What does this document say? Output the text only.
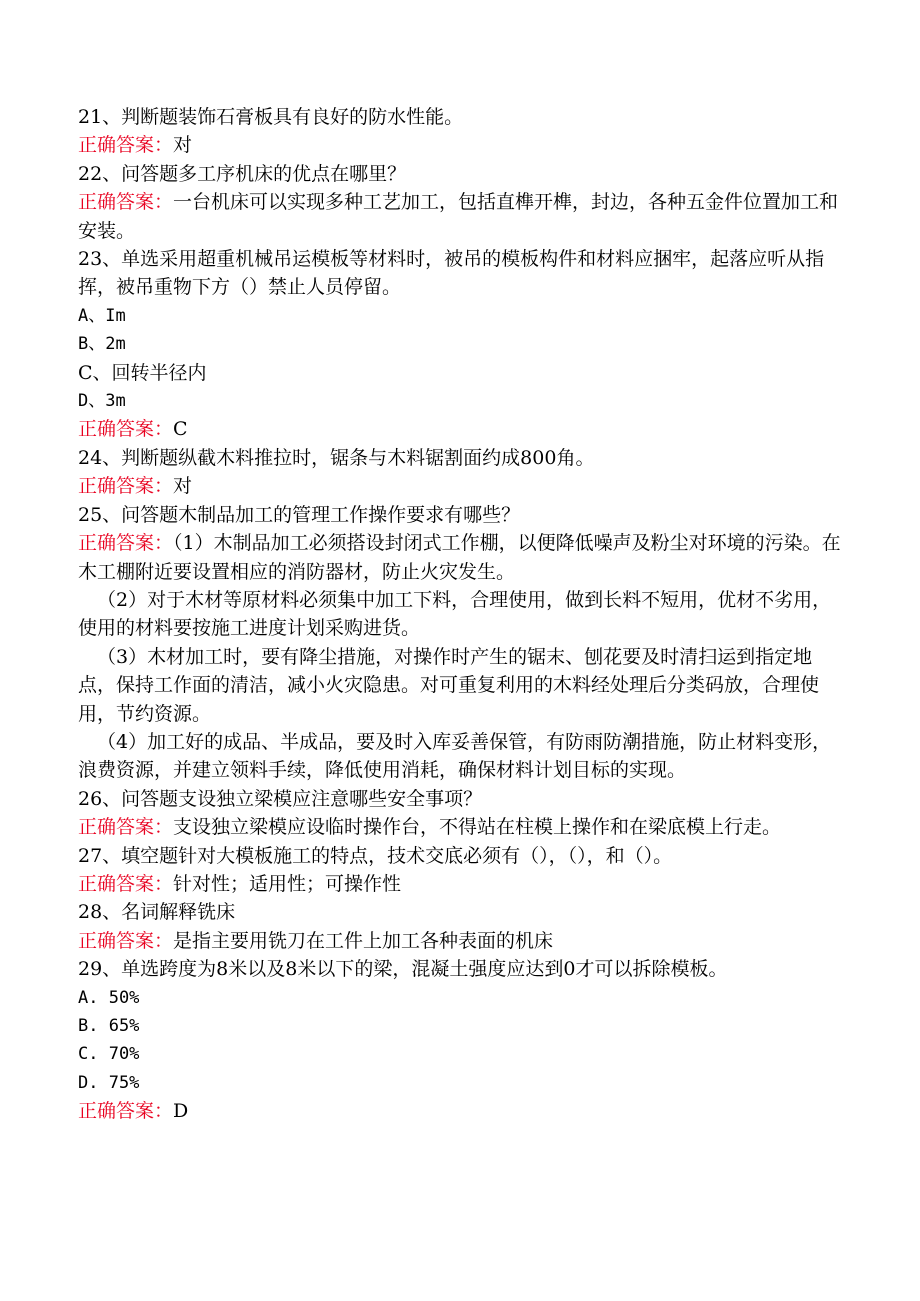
21、判断题装饰石膏板具有良好的防水性能。

正确答案：对

22、问答题多工序机床的优点在哪里？

正确答案：一台机床可以实现多种工艺加工，包括直榫开榫，封边，各种五金件位置加工和安装。

23、单选采用超重机械吊运模板等材料时，被吊的模板构件和材料应捆牢，起落应听从指挥，被吊重物下方（）禁止人员停留。

A、Im

B、2m

C、回转半径内

D、3m

正确答案：C

24、判断题纵截木料推拉时，锯条与木料锯割面约成800角。

正确答案：对

25、问答题木制品加工的管理工作操作要求有哪些？

正确答案：（1）木制品加工必须搭设封闭式工作棚，以便降低噪声及粉尘对环境的污染。在木工棚附近要设置相应的消防器材，防止火灾发生。

（2）对于木材等原材料必须集中加工下料，合理使用，做到长料不短用，优材不劣用，使用的材料要按施工进度计划采购进货。

（3）木材加工时，要有降尘措施，对操作时产生的锯末、刨花要及时清扫运到指定地点，保持工作面的清洁，减小火灾隐患。对可重复利用的木料经处理后分类码放，合理使用，节约资源。

（4）加工好的成品、半成品，要及时入库妥善保管，有防雨防潮措施，防止材料变形，浪费资源，并建立领料手续，降低使用消耗，确保材料计划目标的实现。

26、问答题支设独立梁模应注意哪些安全事项？

正确答案：支设独立梁模应设临时操作台，不得站在柱模上操作和在梁底模上行走。

27、填空题针对大模板施工的特点，技术交底必须有（），（），和（）。

正确答案：针对性；适用性；可操作性

28、名词解释铣床

正确答案：是指主要用铣刀在工件上加工各种表面的机床

29、单选跨度为8米以及8米以下的梁，混凝土强度应达到0才可以拆除模板。

A. 50%

B. 65%

C. 70%

D. 75%

正确答案：D
